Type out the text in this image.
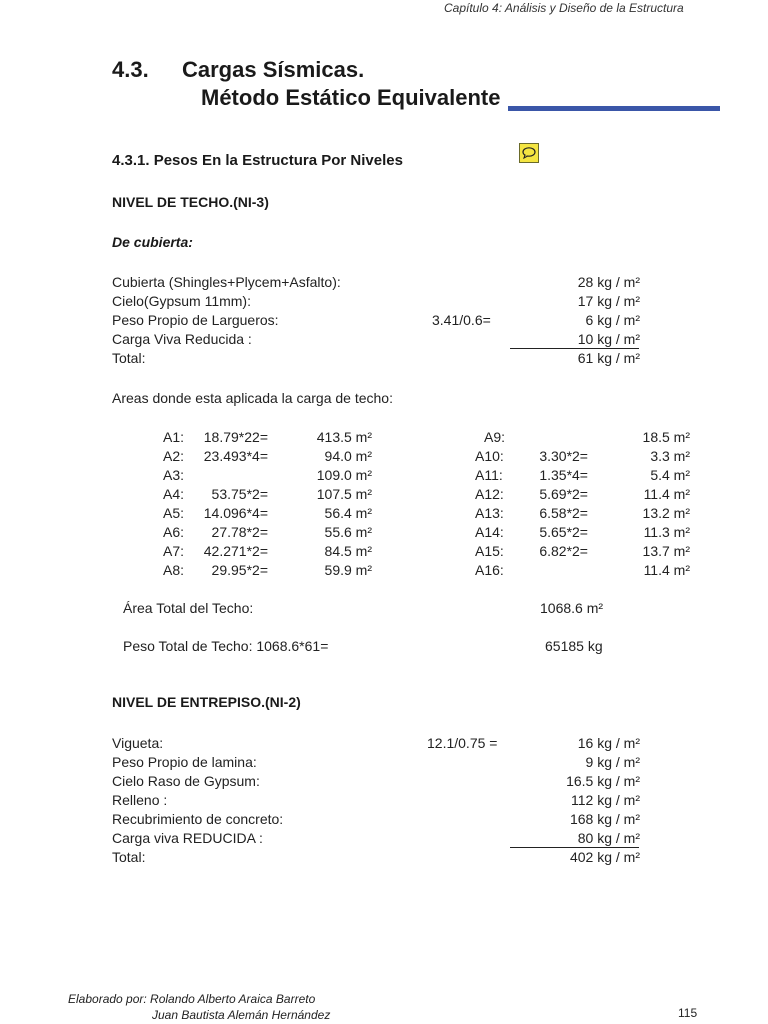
Capítulo 4: Análisis y Diseño de la Estructura
4.3. Cargas Sísmicas.
Método Estático Equivalente
4.3.1. Pesos En la Estructura Por Niveles
NIVEL DE TECHO.(NI-3)
De cubierta:
Cubierta (Shingles+Plycem+Asfalto):	28 kg / m²
Cielo(Gypsum 11mm):	17 kg / m²
Peso Propio de Largueros:	3.41/0.6=	6 kg / m²
Carga Viva Reducida :	10 kg / m²
Total:	61 kg / m²
Areas donde esta aplicada la carga de techo:
A1:	18.79*22=	413.5 m²
A2:	23.493*4=	94.0 m²
A3:	109.0 m²
A4:	53.75*2=	107.5 m²
A5:	14.096*4=	56.4 m²
A6:	27.78*2=	55.6 m²
A7:	42.271*2=	84.5 m²
A8:	29.95*2=	59.9 m²
A9:	18.5 m²
A10:	3.30*2=	3.3 m²
A11:	1.35*4=	5.4 m²
A12:	5.69*2=	11.4 m²
A13:	6.58*2=	13.2 m²
A14:	5.65*2=	11.3 m²
A15:	6.82*2=	13.7 m²
A16:	11.4 m²
Área Total del Techo:	1068.6 m²
Peso Total de Techo: 1068.6*61=	65185 kg
NIVEL DE ENTREPISO.(NI-2)
Vigueta:	12.1/0.75 =	16 kg / m²
Peso Propio de lamina:	9 kg / m²
Cielo Raso de Gypsum:	16.5 kg / m²
Relleno :	112 kg / m²
Recubrimiento de concreto:	168 kg / m²
Carga viva REDUCIDA :	80 kg / m²
Total:	402 kg / m²
Elaborado por: Rolando Alberto Araica Barreto
Juan Bautista Alemán Hernández	115
